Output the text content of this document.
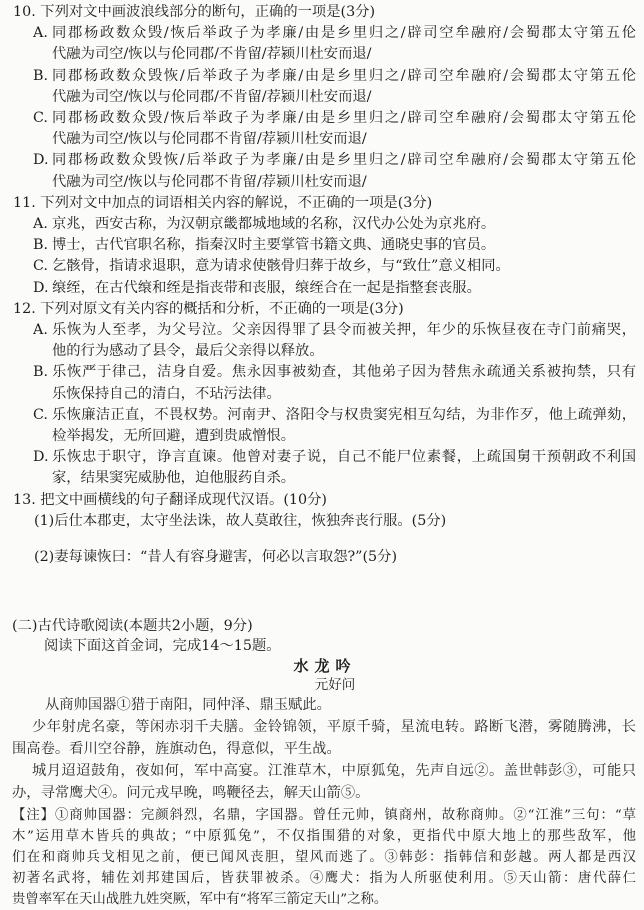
10. 下列对文中画波浪线部分的断句，正确的一项是(3分)
A. 同郡杨政数众毁/恢后举政子为孝廉/由是乡里归之/辟司空牟融府/会蜀郡太守第五伦
代融为司空/恢以与伦同郡/不肯留/荐颍川杜安而退/
B. 同郡杨政数众毁恢/后举政子为孝廉/由是乡里归之/辟司空牟融府/会蜀郡太守第五伦
代融为司空/恢以与伦同郡/不肯留/荐颍川杜安而退/
C. 同郡杨政数众毁/恢后举政子为孝廉/由是乡里归之/辟司空牟融府/会蜀郡太守第五伦
代融为司空/恢以与伦同郡不肯留/荐颍川杜安而退/
D. 同郡杨政数众毁恢/后举政子为孝廉/由是乡里归之/辟司空牟融府/会蜀郡太守第五伦
代融为司空/恢以与伦同郡不肯留/荐颍川杜安而退/
11. 下列对文中加点的词语相关内容的解说，不正确的一项是(3分)
A. 京兆，西安古称，为汉朝京畿都城地域的名称，汉代办公处为京兆府。
B. 博士，古代官职名称，指秦汉时主要掌管书籍文典、通晓史事的官员。
C. 乞骸骨，指请求退职，意为请求使骸骨归葬于故乡，与“致仕”意义相同。
D. 缞绖，在古代缞和绖是指丧带和丧服，缞绖合在一起是指整套丧服。
12. 下列对原文有关内容的概括和分析，不正确的一项是(3分)
A. 乐恢为人至孝，为父号泣。父亲因得罪了县令而被关押，年少的乐恢昼夜在寺门前痛哭，
他的行为感动了县令，最后父亲得以释放。
B. 乐恢严于律己，洁身自爱。焦永因事被劾查，其他弟子因为替焦永疏通关系被拘禁，只有
乐恢保持自己的清白，不玷污法律。
C. 乐恢廉洁正直，不畏权势。河南尹、洛阳令与权贵窦宪相互勾结，为非作歹，他上疏弹劾，
检举揭发，无所回避，遭到贵戚憎恨。
D. 乐恢忠于职守，诤言直谏。他曾对妻子说，自己不能尸位素餐，上疏国舅干预朝政不利国
家，结果窦宪威胁他，迫他服药自杀。
13. 把文中画横线的句子翻译成现代汉语。(10分)
(1)后仕本郡吏，太守坐法诛，故人莫敢往，恢独奔丧行服。(5分)
(2)妻每谏恢曰：“昔人有容身避害，何必以言取怨?”(5分)
(二)古代诗歌阅读(本题共2小题，9分)
阅读下面这首金词，完成14～15题。
水龙吟
元好问
从商帅国器①猎于南阳，同仲泽、鼎玉赋此。
少年射虎名豪，等闲赤羽千夫膳。金铃锦领，平原千骑，星流电转。路断飞潜，雾随腾沸，长
围高卷。看川空谷静，旌旗动色，得意似，平生战。
城月迢迢鼓角，夜如何，军中高宴。江淮草木，中原狐兔，先声自远②。盖世韩彭③，可能只
办，寻常鹰犬④。问元戎早晚，鸣鞭径去，解天山箭⑤。
【注】①商帅国器：完颜斜烈，名鼎，字国器。曾任元帅，镇商州，故称商帅。②“江淮”三句：“草
木”运用草木皆兵的典故；“中原狐兔”，不仅指围猎的对象，更指代中原大地上的那些敌军，他
们在和商帅兵戈相见之前，便已闻风丧胆，望风而逃了。③韩彭：指韩信和彭越。两人都是西汉
初著名武将，辅佐刘邦建国后，皆获罪被杀。④鹰犬：指为人所驱使利用。⑤天山箭：唐代薛仁
贵曾率军在天山战胜九姓突厥，军中有“将军三箭定天山”之称。
